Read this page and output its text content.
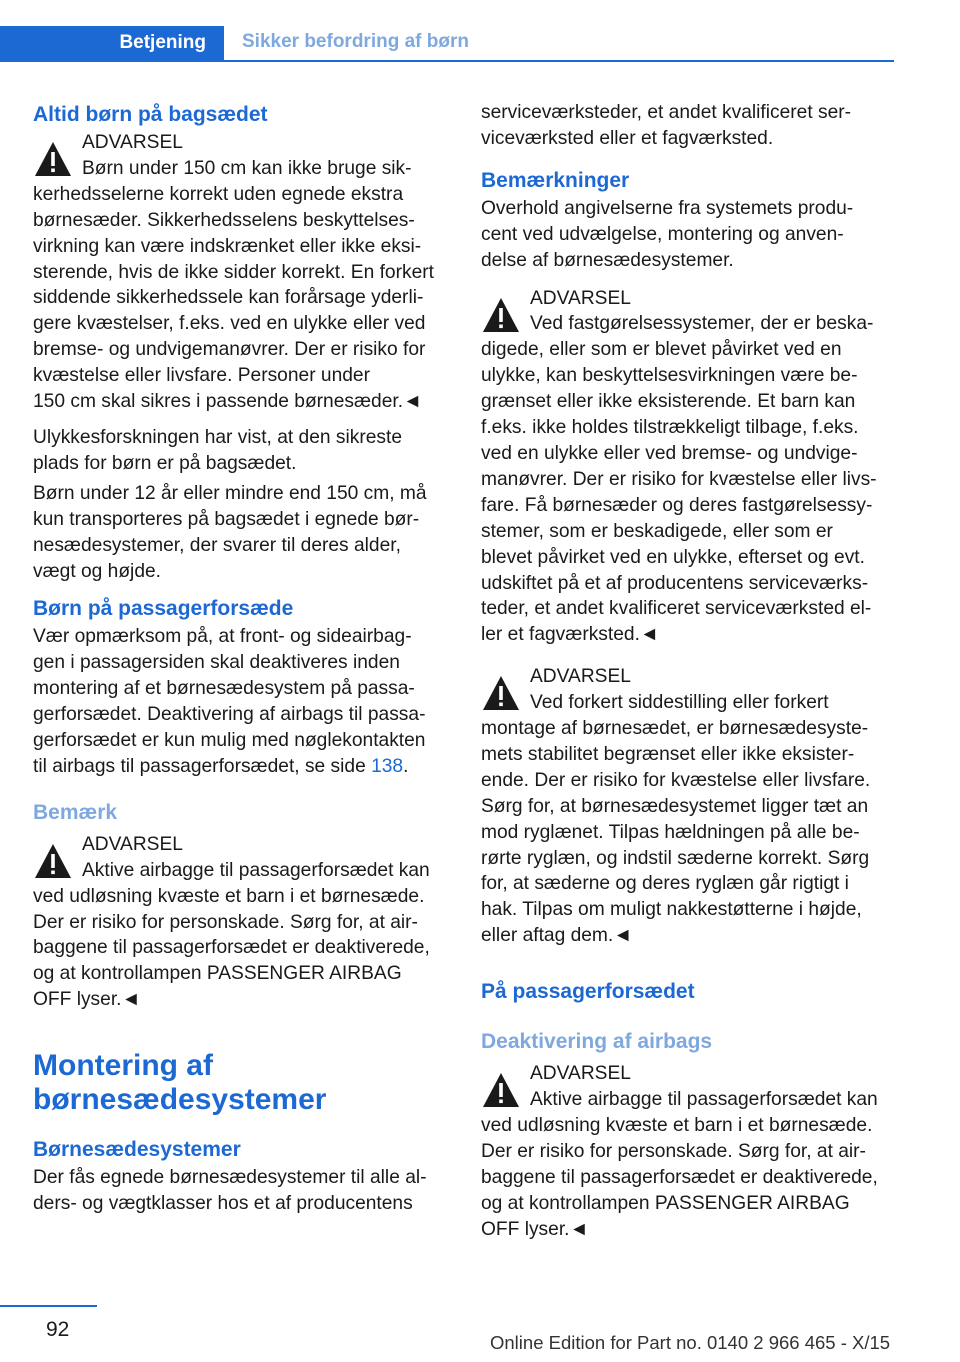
Betjening	Sikker befordring af børn

Altid børn på bagsædet

ADVARSEL
Børn under 150 cm kan ikke bruge sik‐

kerhedsselerne korrekt uden egnede ekstra
børnesæder. Sikkerhedsselens beskyttelses‐
virkning kan være indskrænket eller ikke eksi‐
sterende, hvis de ikke sidder korrekt. En forkert
siddende sikkerhedssele kan forårsage yderli‐
gere kvæstelser, f.eks. ved en ulykke eller ved
bremse- og undvigemanøvrer. Der er risiko for
kvæstelse eller livsfare. Personer under
150 cm skal sikres i passende børnesæder.◄

Ulykkesforskningen har vist, at den sikreste
plads for børn er på bagsædet.

Børn under 12 år eller mindre end 150 cm, må
kun transporteres på bagsædet i egnede bør‐
nesædesystemer, der svarer til deres alder,
vægt og højde.

Børn på passagerforsæde

Vær opmærksom på, at front- og sideairbag‐
gen i passagersiden skal deaktiveres inden
montering af et børnesædesystem på passa‐
gerforsædet. Deaktivering af airbags til passa‐
gerforsædet er kun mulig med nøglekontakten
til airbags til passagerforsædet, se side 138.

Bemærk

ADVARSEL
Aktive airbagge til passagerforsædet kan

ved udløsning kvæste et barn i et børnesæde.
Der er risiko for personskade. Sørg for, at air‐
baggene til passagerforsædet er deaktiverede,
og at kontrollampen PASSENGER AIRBAG
OFF lyser.◄

Montering af
børnesædesystemer

Børnesædesystemer

Der fås egnede børnesædesystemer til alle al‐
ders- og vægtklasser hos et af producentens

serviceværksteder, et andet kvalificeret ser‐
viceværksted eller et fagværksted.

Bemærkninger

Overhold angivelserne fra systemets produ‐
cent ved udvælgelse, montering og anven‐
delse af børnesædesystemer.

ADVARSEL
Ved fastgørelsessystemer, der er beska‐

digede, eller som er blevet påvirket ved en
ulykke, kan beskyttelsesvirkningen være be‐
grænset eller ikke eksisterende. Et barn kan
f.eks. ikke holdes tilstrækkeligt tilbage, f.eks.
ved en ulykke eller ved bremse- og undvige‐
manøvrer. Der er risiko for kvæstelse eller livs‐
fare. Få børnesæder og deres fastgørelsessy‐
stemer, som er beskadigede, eller som er
blevet påvirket ved en ulykke, efterset og evt.
udskiftet på et af producentens serviceværks‐
teder, et andet kvalificeret serviceværksted el‐
ler et fagværksted.◄

ADVARSEL
Ved forkert siddestilling eller forkert

montage af børnesædet, er børnesædesyste‐
mets stabilitet begrænset eller ikke eksister‐
ende. Der er risiko for kvæstelse eller livsfare.
Sørg for, at børnesædesystemet ligger tæt an
mod ryglænet. Tilpas hældningen på alle be‐
rørte ryglæn, og indstil sæderne korrekt. Sørg
for, at sæderne og deres ryglæn går rigtigt i
hak. Tilpas om muligt nakkestøtterne i højde,
eller aftag dem.◄

På passagerforsædet

Deaktivering af airbags

ADVARSEL
Aktive airbagge til passagerforsædet kan

ved udløsning kvæste et barn i et børnesæde.
Der er risiko for personskade. Sørg for, at air‐
baggene til passagerforsædet er deaktiverede,
og at kontrollampen PASSENGER AIRBAG
OFF lyser.◄

92
Online Edition for Part no. 0140 2 966 465 - X/15
